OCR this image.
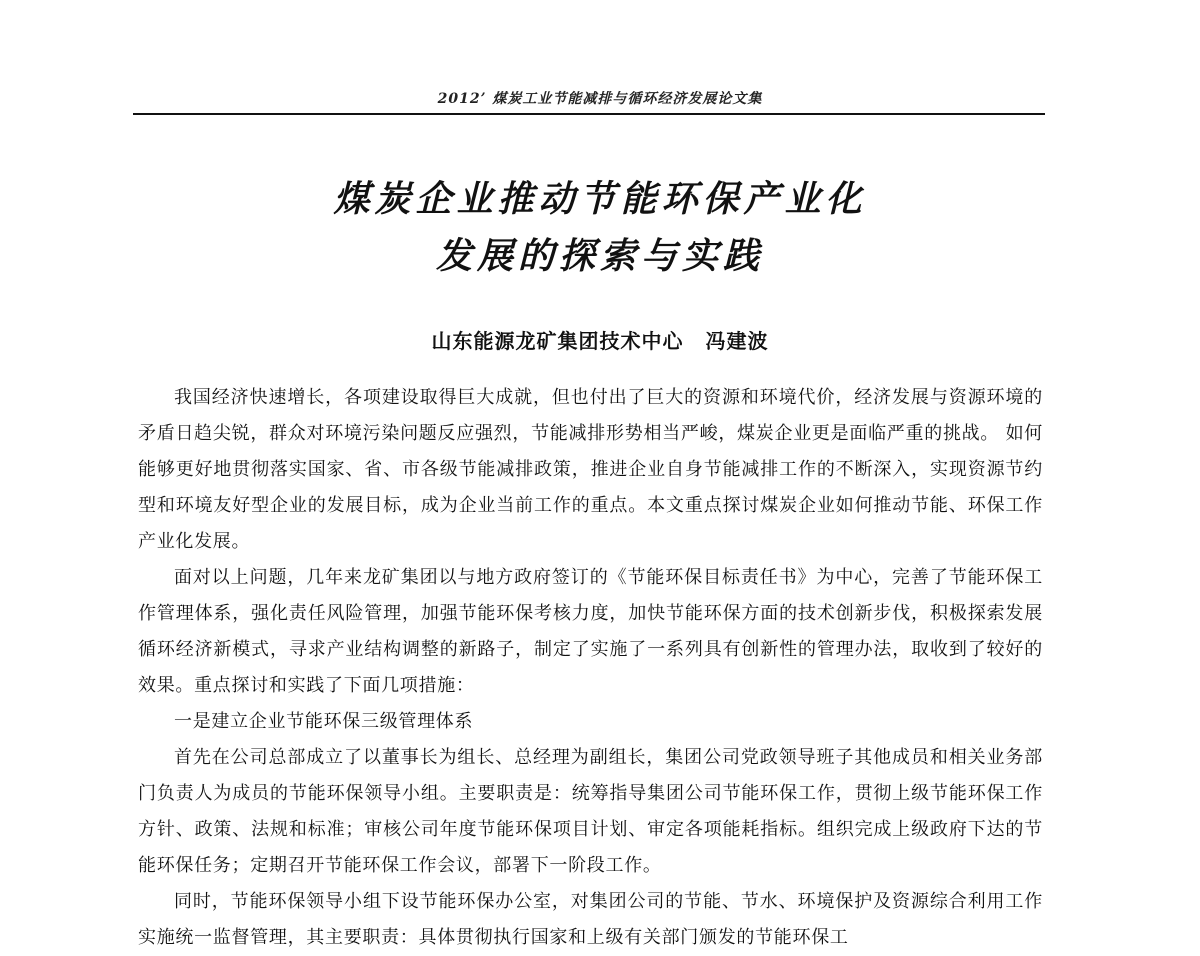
2012’ 煤炭工业节能减排与循环经济发展论文集
煤炭企业推动节能环保产业化
发展的探索与实践
山东能源龙矿集团技术中心 冯建波

我国经济快速增长，各项建设取得巨大成就，但也付出了巨大的资源和环境代价，经济发展与资源环境的矛盾日趋尖锐，群众对环境污染问题反应强烈，节能减排形势相当严峻，煤炭企业更是面临严重的挑战。 如何能够更好地贯彻落实国家、省、市各级节能减排政策，推进企业自身节能减排工作的不断深入，实现资源节约型和环境友好型企业的发展目标，成为企业当前工作的重点。本文重点探讨煤炭企业如何推动节能、环保工作产业化发展。

面对以上问题，几年来龙矿集团以与地方政府签订的《节能环保目标责任书》为中心，完善了节能环保工作管理体系，强化责任风险管理，加强节能环保考核力度，加快节能环保方面的技术创新步伐，积极探索发展循环经济新模式，寻求产业结构调整的新路子，制定了实施了一系列具有创新性的管理办法，取收到了较好的效果。重点探讨和实践了下面几项措施：

一是建立企业节能环保三级管理体系

首先在公司总部成立了以董事长为组长、总经理为副组长，集团公司党政领导班子其他成员和相关业务部门负责人为成员的节能环保领导小组。主要职责是：统筹指导集团公司节能环保工作，贯彻上级节能环保工作方针、政策、法规和标准；审核公司年度节能环保项目计划、审定各项能耗指标。组织完成上级政府下达的节能环保任务；定期召开节能环保工作会议，部署下一阶段工作。

同时，节能环保领导小组下设节能环保办公室，对集团公司的节能、节水、环境保护及资源综合利用工作实施统一监督管理，其主要职责：具体贯彻执行国家和上级有关部门颁发的节能环保工
